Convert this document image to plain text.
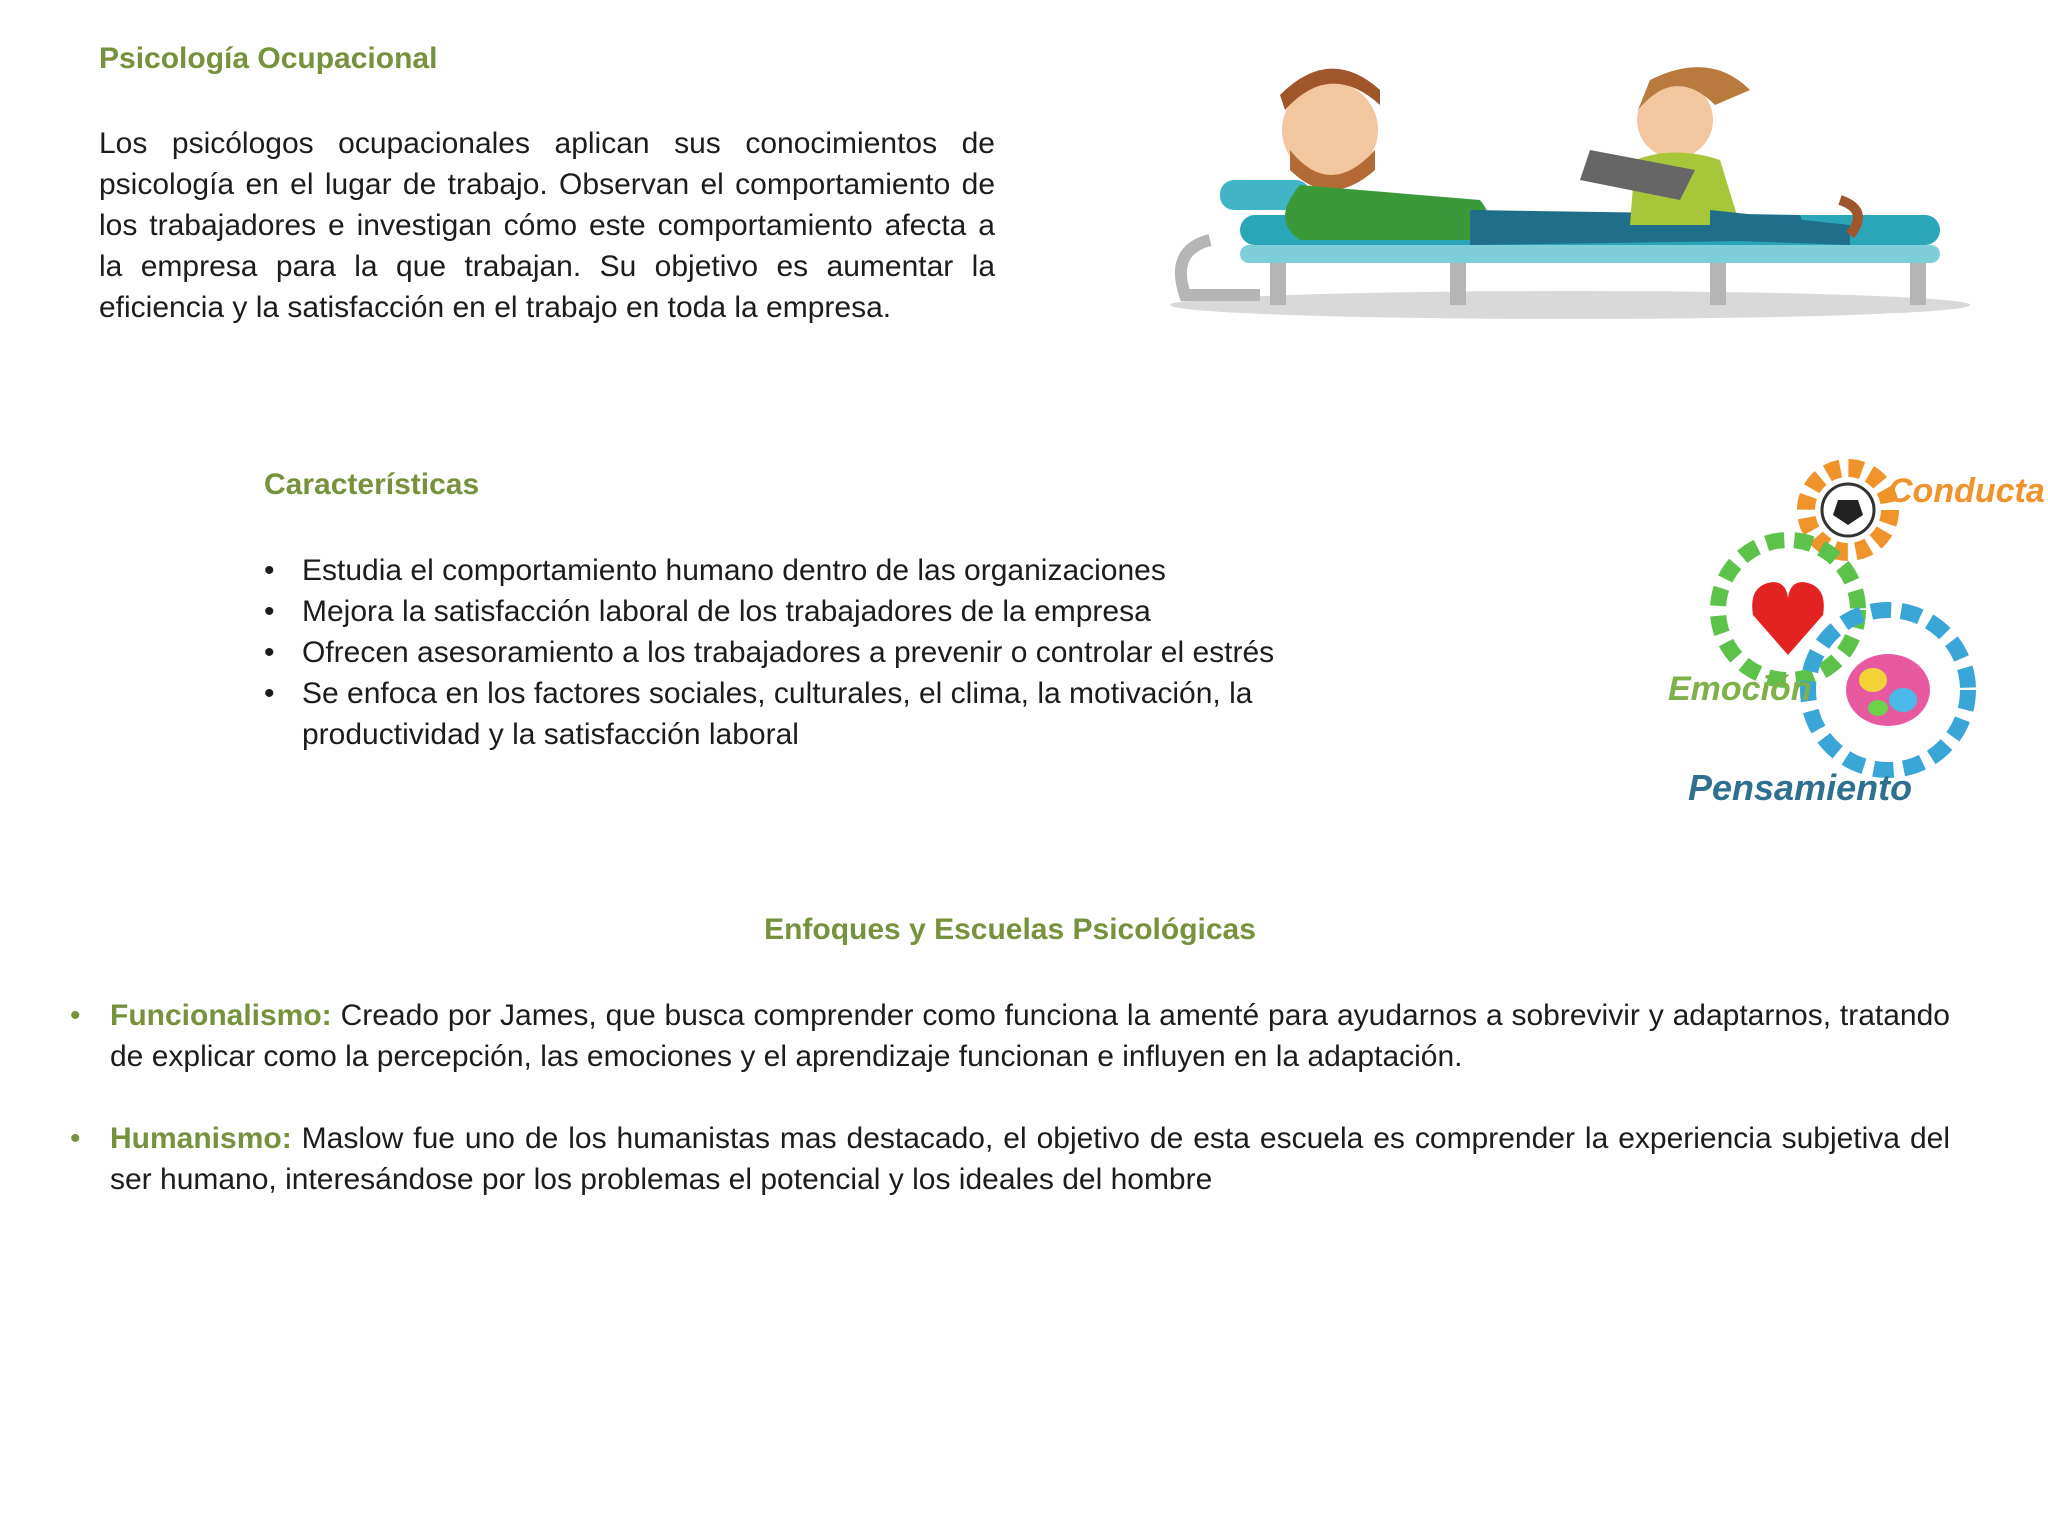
Psicología Ocupacional

Los psicólogos ocupacionales aplican sus conocimientos de psicología en el lugar de trabajo. Observan el comportamiento de los trabajadores e investigan cómo este comportamiento afecta a la empresa para la que trabajan. Su objetivo es aumentar la eficiencia y la satisfacción en el trabajo en toda la empresa.

Características
• Estudia el comportamiento humano dentro de las organizaciones
• Mejora la satisfacción laboral de los trabajadores de la empresa
• Ofrecen asesoramiento a los trabajadores a prevenir o controlar el estrés
• Se enfoca en los factores sociales, culturales, el clima, la motivación, la productividad y la satisfacción laboral
Conducta
Emoción
Pensamiento
Enfoques y Escuelas Psicológicas
• Funcionalismo: Creado por James, que busca comprender como funciona la amenté para ayudarnos a sobrevivir y adaptarnos, tratando de explicar como la percepción, las emociones y el aprendizaje funcionan e influyen en la adaptación.
• Humanismo: Maslow fue uno de los humanistas mas destacado, el objetivo de esta escuela es comprender la experiencia subjetiva del ser humano, interesándose por los problemas el potencial y los ideales del hombre
